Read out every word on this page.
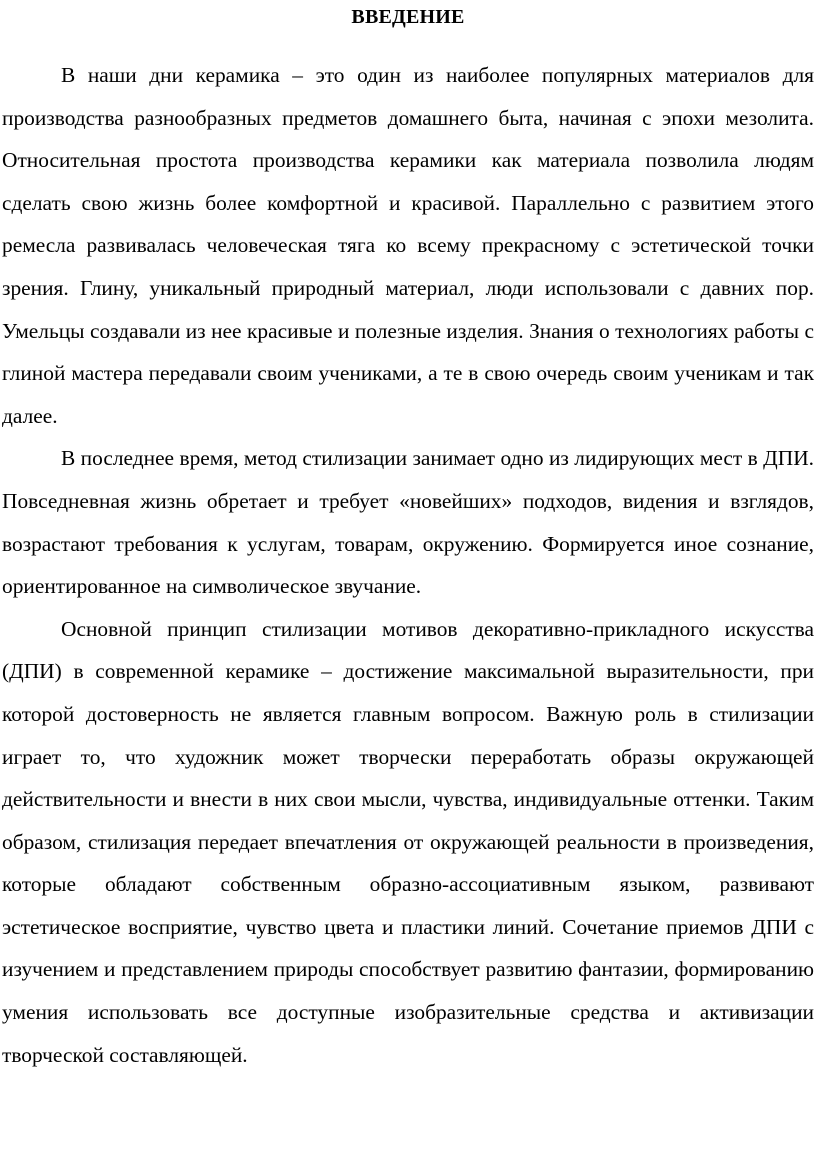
ВВЕДЕНИЕ

В наши дни керамика – это один из наиболее популярных материалов для производства разнообразных предметов домашнего быта, начиная с эпохи мезолита. Относительная простота производства керамики как материала позволила людям сделать свою жизнь более комфортной и красивой. Параллельно с развитием этого ремесла развивалась человеческая тяга ко всему прекрасному с эстетической точки зрения. Глину, уникальный природный материал, люди использовали с давних пор. Умельцы создавали из нее красивые и полезные изделия. Знания о технологиях работы с глиной мастера передавали своим учениками, а те в свою очередь своим ученикам и так далее.

В последнее время, метод стилизации занимает одно из лидирующих мест в ДПИ. Повседневная жизнь обретает и требует «новейших» подходов, видения и взглядов, возрастают требования к услугам, товарам, окружению. Формируется иное сознание, ориентированное на символическое звучание.

Основной принцип стилизации мотивов декоративно-прикладного искусства (ДПИ) в современной керамике – достижение максимальной выразительности, при которой достоверность не является главным вопросом. Важную роль в стилизации играет то, что художник может творчески переработать образы окружающей действительности и внести в них свои мысли, чувства, индивидуальные оттенки. Таким образом, стилизация передает впечатления от окружающей реальности в произведения, которые обладают собственным образно-ассоциативным языком, развивают эстетическое восприятие, чувство цвета и пластики линий. Сочетание приемов ДПИ с изучением и представлением природы способствует развитию фантазии, формированию умения использовать все доступные изобразительные средства и активизации творческой составляющей.
